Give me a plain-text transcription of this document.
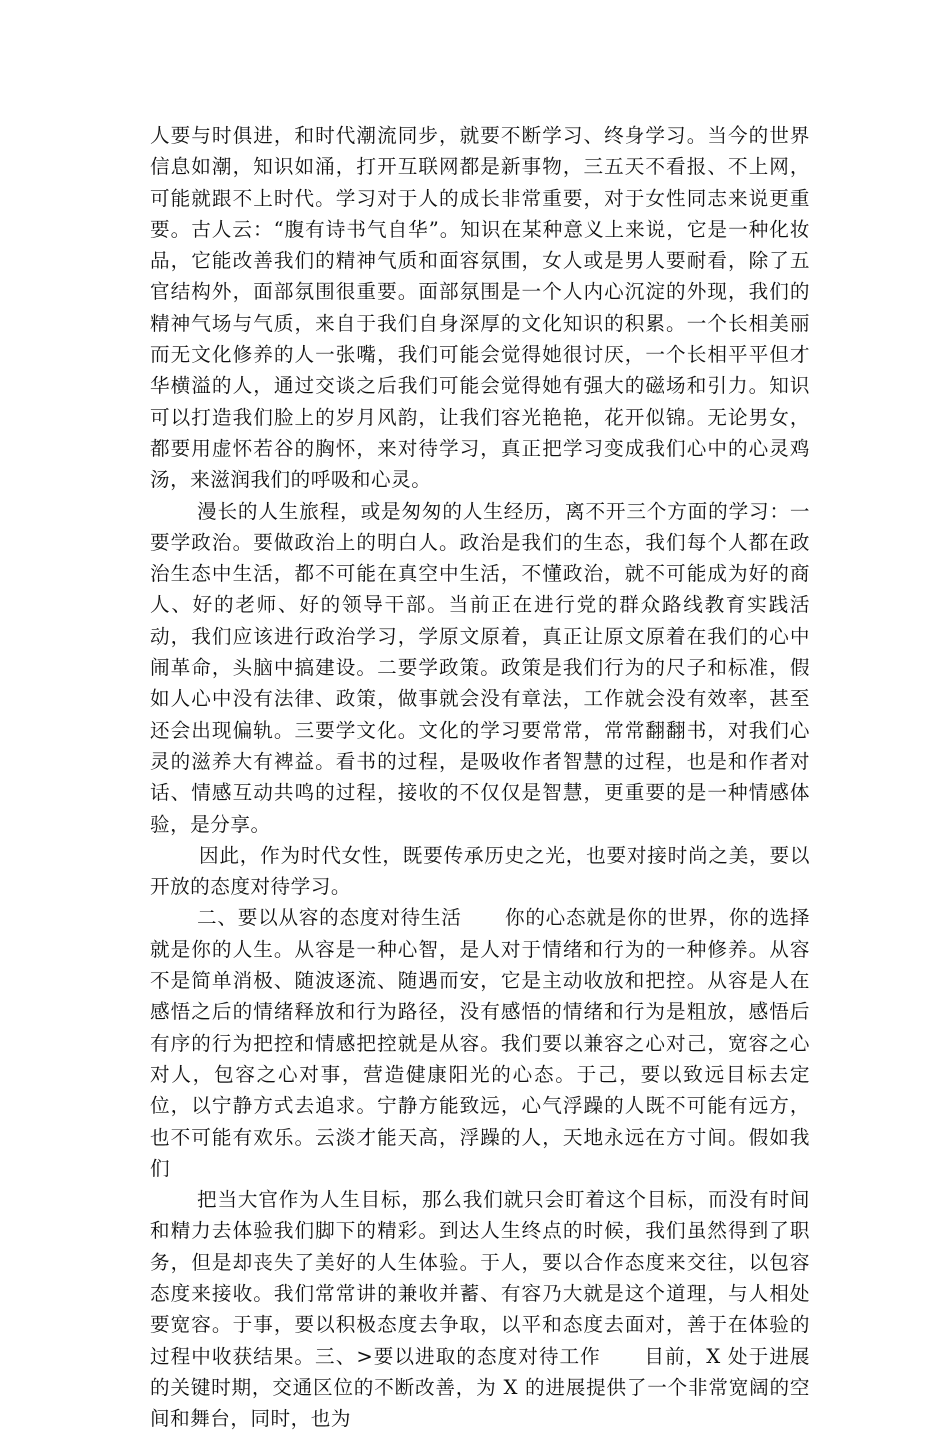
人要与时俱进，和时代潮流同步，就要不断学习、终身学习。当今的世界信息如潮，知识如涌，打开互联网都是新事物，三五天不看报、不上网，可能就跟不上时代。学习对于人的成长非常重要，对于女性同志来说更重要。古人云：“腹有诗书气自华”。知识在某种意义上来说，它是一种化妆品，它能改善我们的精神气质和面容氛围，女人或是男人要耐看，除了五官结构外，面部氛围很重要。面部氛围是一个人内心沉淀的外现，我们的精神气场与气质，来自于我们自身深厚的文化知识的积累。一个长相美丽而无文化修养的人一张嘴，我们可能会觉得她很讨厌，一个长相平平但才华横溢的人，通过交谈之后我们可能会觉得她有强大的磁场和引力。知识可以打造我们脸上的岁月风韵，让我们容光艳艳，花开似锦。无论男女，都要用虚怀若谷的胸怀，来对待学习，真正把学习变成我们心中的心灵鸡汤，来滋润我们的呼吸和心灵。

漫长的人生旅程，或是匆匆的人生经历，离不开三个方面的学习：一要学政治。要做政治上的明白人。政治是我们的生态，我们每个人都在政治生态中生活，都不可能在真空中生活，不懂政治，就不可能成为好的商人、好的老师、好的领导干部。当前正在进行党的群众路线教育实践活动，我们应该进行政治学习，学原文原着，真正让原文原着在我们的心中闹革命，头脑中搞建设。二要学政策。政策是我们行为的尺子和标准，假如人心中没有法律、政策，做事就会没有章法，工作就会没有效率，甚至还会出现偏轨。三要学文化。文化的学习要常常，常常翻翻书，对我们心灵的滋养大有裨益。看书的过程，是吸收作者智慧的过程，也是和作者对话、情感互动共鸣的过程，接收的不仅仅是智慧，更重要的是一种情感体验，是分享。

因此，作为时代女性，既要传承历史之光，也要对接时尚之美，要以开放的态度对待学习。

二、要以从容的态度对待生活 你的心态就是你的世界，你的选择就是你的人生。从容是一种心智，是人对于情绪和行为的一种修养。从容不是简单消极、随波逐流、随遇而安，它是主动收放和把控。从容是人在感悟之后的情绪释放和行为路径，没有感悟的情绪和行为是粗放，感悟后有序的行为把控和情感把控就是从容。我们要以兼容之心对己，宽容之心对人，包容之心对事，营造健康阳光的心态。于己，要以致远目标去定位，以宁静方式去追求。宁静方能致远，心气浮躁的人既不可能有远方，也不可能有欢乐。云淡才能天高，浮躁的人，天地永远在方寸间。假如我们

把当大官作为人生目标，那么我们就只会盯着这个目标，而没有时间和精力去体验我们脚下的精彩。到达人生终点的时候，我们虽然得到了职务，但是却丧失了美好的人生体验。于人，要以合作态度来交往，以包容态度来接收。我们常常讲的兼收并蓄、有容乃大就是这个道理，与人相处要宽容。于事，要以积极态度去争取，以平和态度去面对，善于在体验的过程中收获结果。三、>要以进取的态度对待工作 目前，X 处于进展的关键时期，交通区位的不断改善，为 X 的进展提供了一个非常宽阔的空间和舞台，同时，也为
